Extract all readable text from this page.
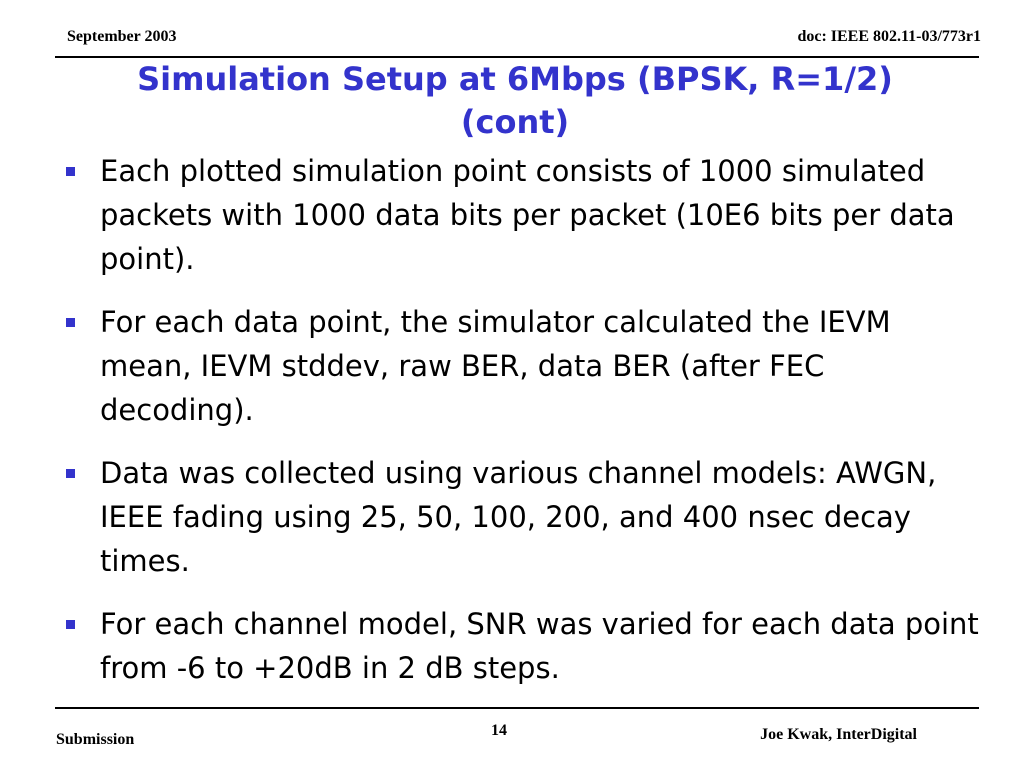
September 2003	doc: IEEE 802.11-03/773r1
Simulation Setup at 6Mbps (BPSK, R=1/2)
(cont)
Each plotted simulation point consists of 1000 simulated packets with 1000 data bits per packet (10E6 bits per data point).
For each data point, the simulator calculated the IEVM mean, IEVM stddev, raw BER, data BER (after FEC decoding).
Data was collected using various channel models: AWGN, IEEE fading using 25, 50, 100, 200, and 400 nsec decay times.
For each channel model, SNR was varied for each data point from -6 to +20dB in 2 dB steps.
Submission
14	Joe Kwak, InterDigital
